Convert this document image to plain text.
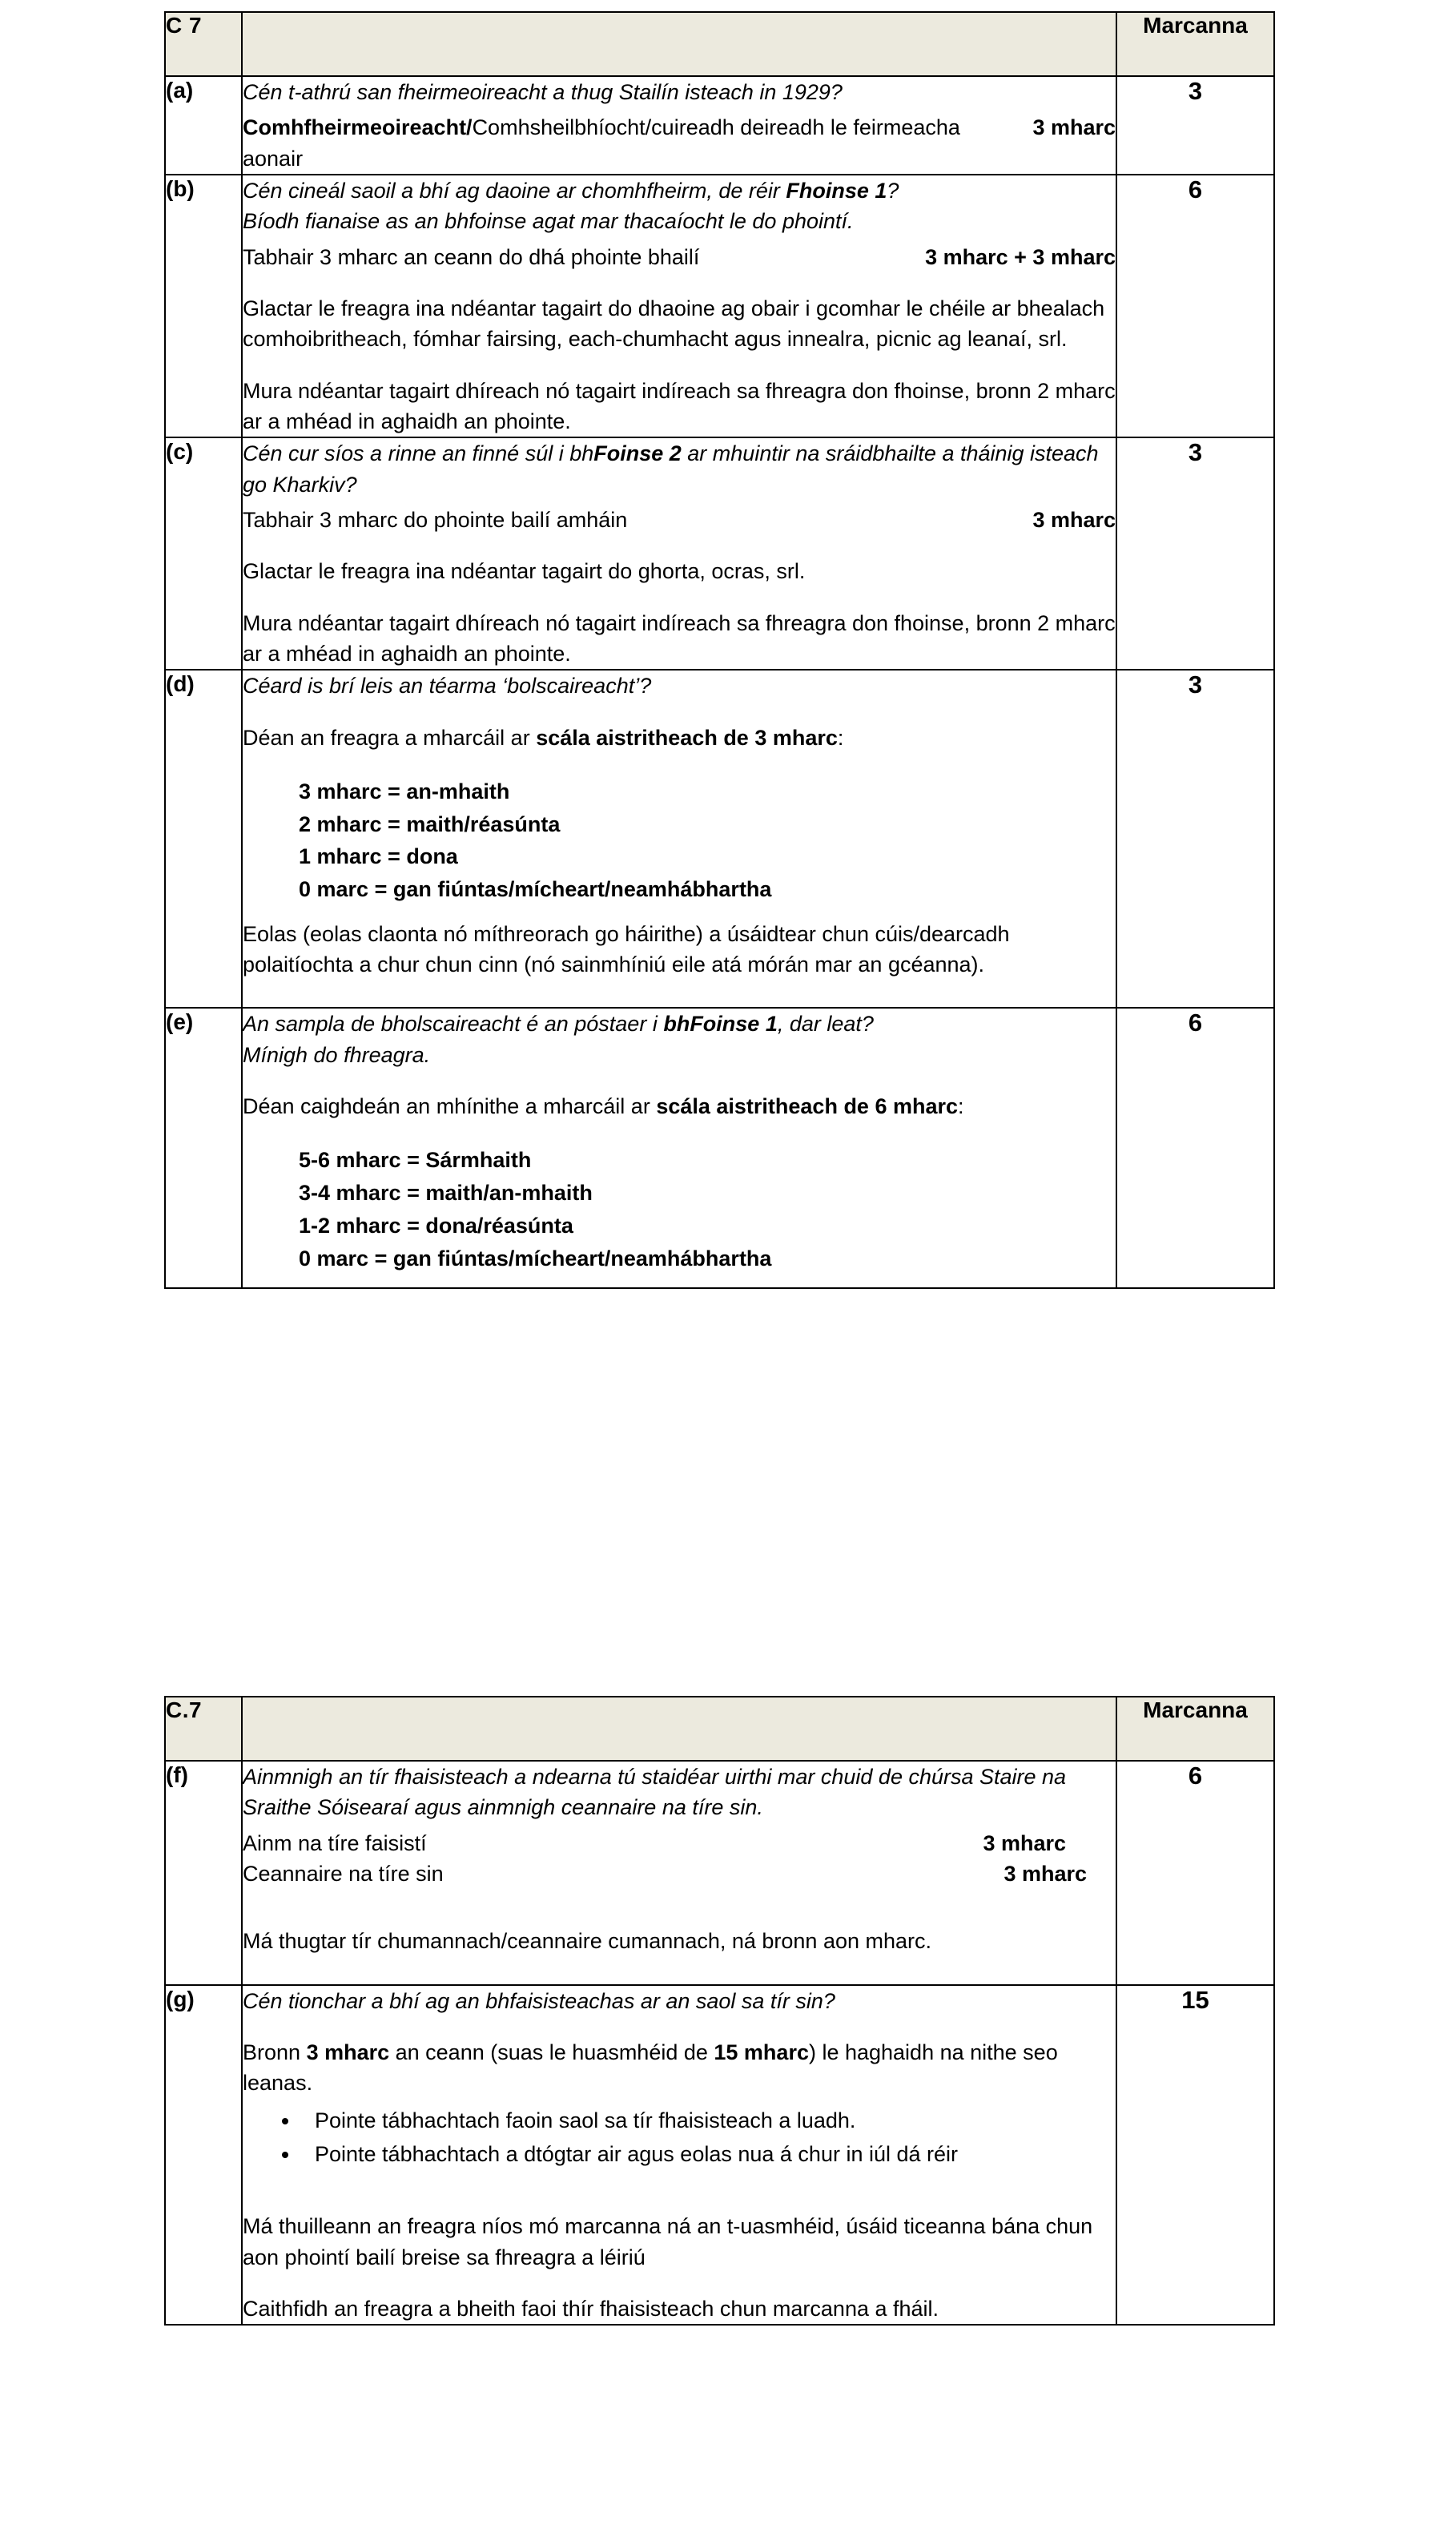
C 7		Marcanna
(a)	Cén t-athrú san fheirmeoireacht a thug Stailín isteach in 1929?
3 mharc
Comhfheirmeoireacht/Comhsheilbhíocht/cuireadh deireadh le feirmeacha aonair	3
(b)	Cén cineál saoil a bhí ag daoine ar chomhfheirm, de réir Fhoinse 1?
Bíodh fianaise as an bhfoinse agat mar thacaíocht le do phointí.
3 mharc + 3 mharc
Tabhair 3 mharc an ceann do dhá phointe bhailí

Glactar le freagra ina ndéantar tagairt do dhaoine ag obair i gcomhar le chéile ar bhealach comhoibritheach, fómhar fairsing, each-chumhacht agus innealra, picnic ag leanaí, srl.

Mura ndéantar tagairt dhíreach nó tagairt indíreach sa fhreagra don fhoinse, bronn 2 mharc ar a mhéad in aghaidh an phointe.

	6
(c)	Cén cur síos a rinne an finné súl i bhFoinse 2 ar mhuintir na sráidbhailte a tháinig isteach go Kharkiv?
3 mharc
Tabhair 3 mharc do phointe bailí amháin

Glactar le freagra ina ndéantar tagairt do ghorta, ocras, srl.

Mura ndéantar tagairt dhíreach nó tagairt indíreach sa fhreagra don fhoinse, bronn 2 mharc ar a mhéad in aghaidh an phointe.	3
(d)	Céard is brí leis an téarma ‘bolscaireacht’?

Déan an freagra a mharcáil ar scála aistritheach de 3 mharc:

3 mharc = an-mhaith
2 mharc = maith/réasúnta
1 mharc = dona
0 marc = gan fiúntas/mícheart/neamhábhartha

Eolas (eolas claonta nó míthreorach go háirithe) a úsáidtear chun cúis/dearcadh polaitíochta a chur chun cinn (nó sainmhíniú eile atá mórán mar an gcéanna).

	3
(e)	An sampla de bholscaireacht é an póstaer i bhFoinse 1, dar leat?
Mínigh do fhreagra.

Déan caighdeán an mhínithe a mharcáil ar scála aistritheach de 6 mharc:

5-6 mharc = Sármhaith
3-4 mharc = maith/an-mhaith
1-2 mharc = dona/réasúnta
0 marc = gan fiúntas/mícheart/neamhábhartha
	6
C.7		Marcanna
(f)	Ainmnigh an tír fhaisisteach a ndearna tú staidéar uirthi mar chuid de chúrsa Staire na Sraithe Sóisearaí agus ainmnigh ceannaire na tíre sin.
Ainm na tíre faisistí	3 mharc
Ceannaire na tíre sin	3 mharc

Má thugtar tír chumannach/ceannaire cumannach, ná bronn aon mharc.

	6
(g)	Cén tionchar a bhí ag an bhfaisisteachas ar an saol sa tír sin?

Bronn 3 mharc an ceann (suas le huasmhéid de 15 mharc) le haghaidh na nithe seo leanas.

• Pointe tábhachtach faoin saol sa tír fhaisisteach a luadh.
• Pointe tábhachtach a dtógtar air agus eolas nua á chur in iúl dá réir

Má thuilleann an freagra níos mó marcanna ná an t-uasmhéid, úsáid ticeanna bána chun aon phointí bailí breise sa fhreagra a léiriú

Caithfidh an freagra a bheith faoi thír fhaisisteach chun marcanna a fháil.

	15
